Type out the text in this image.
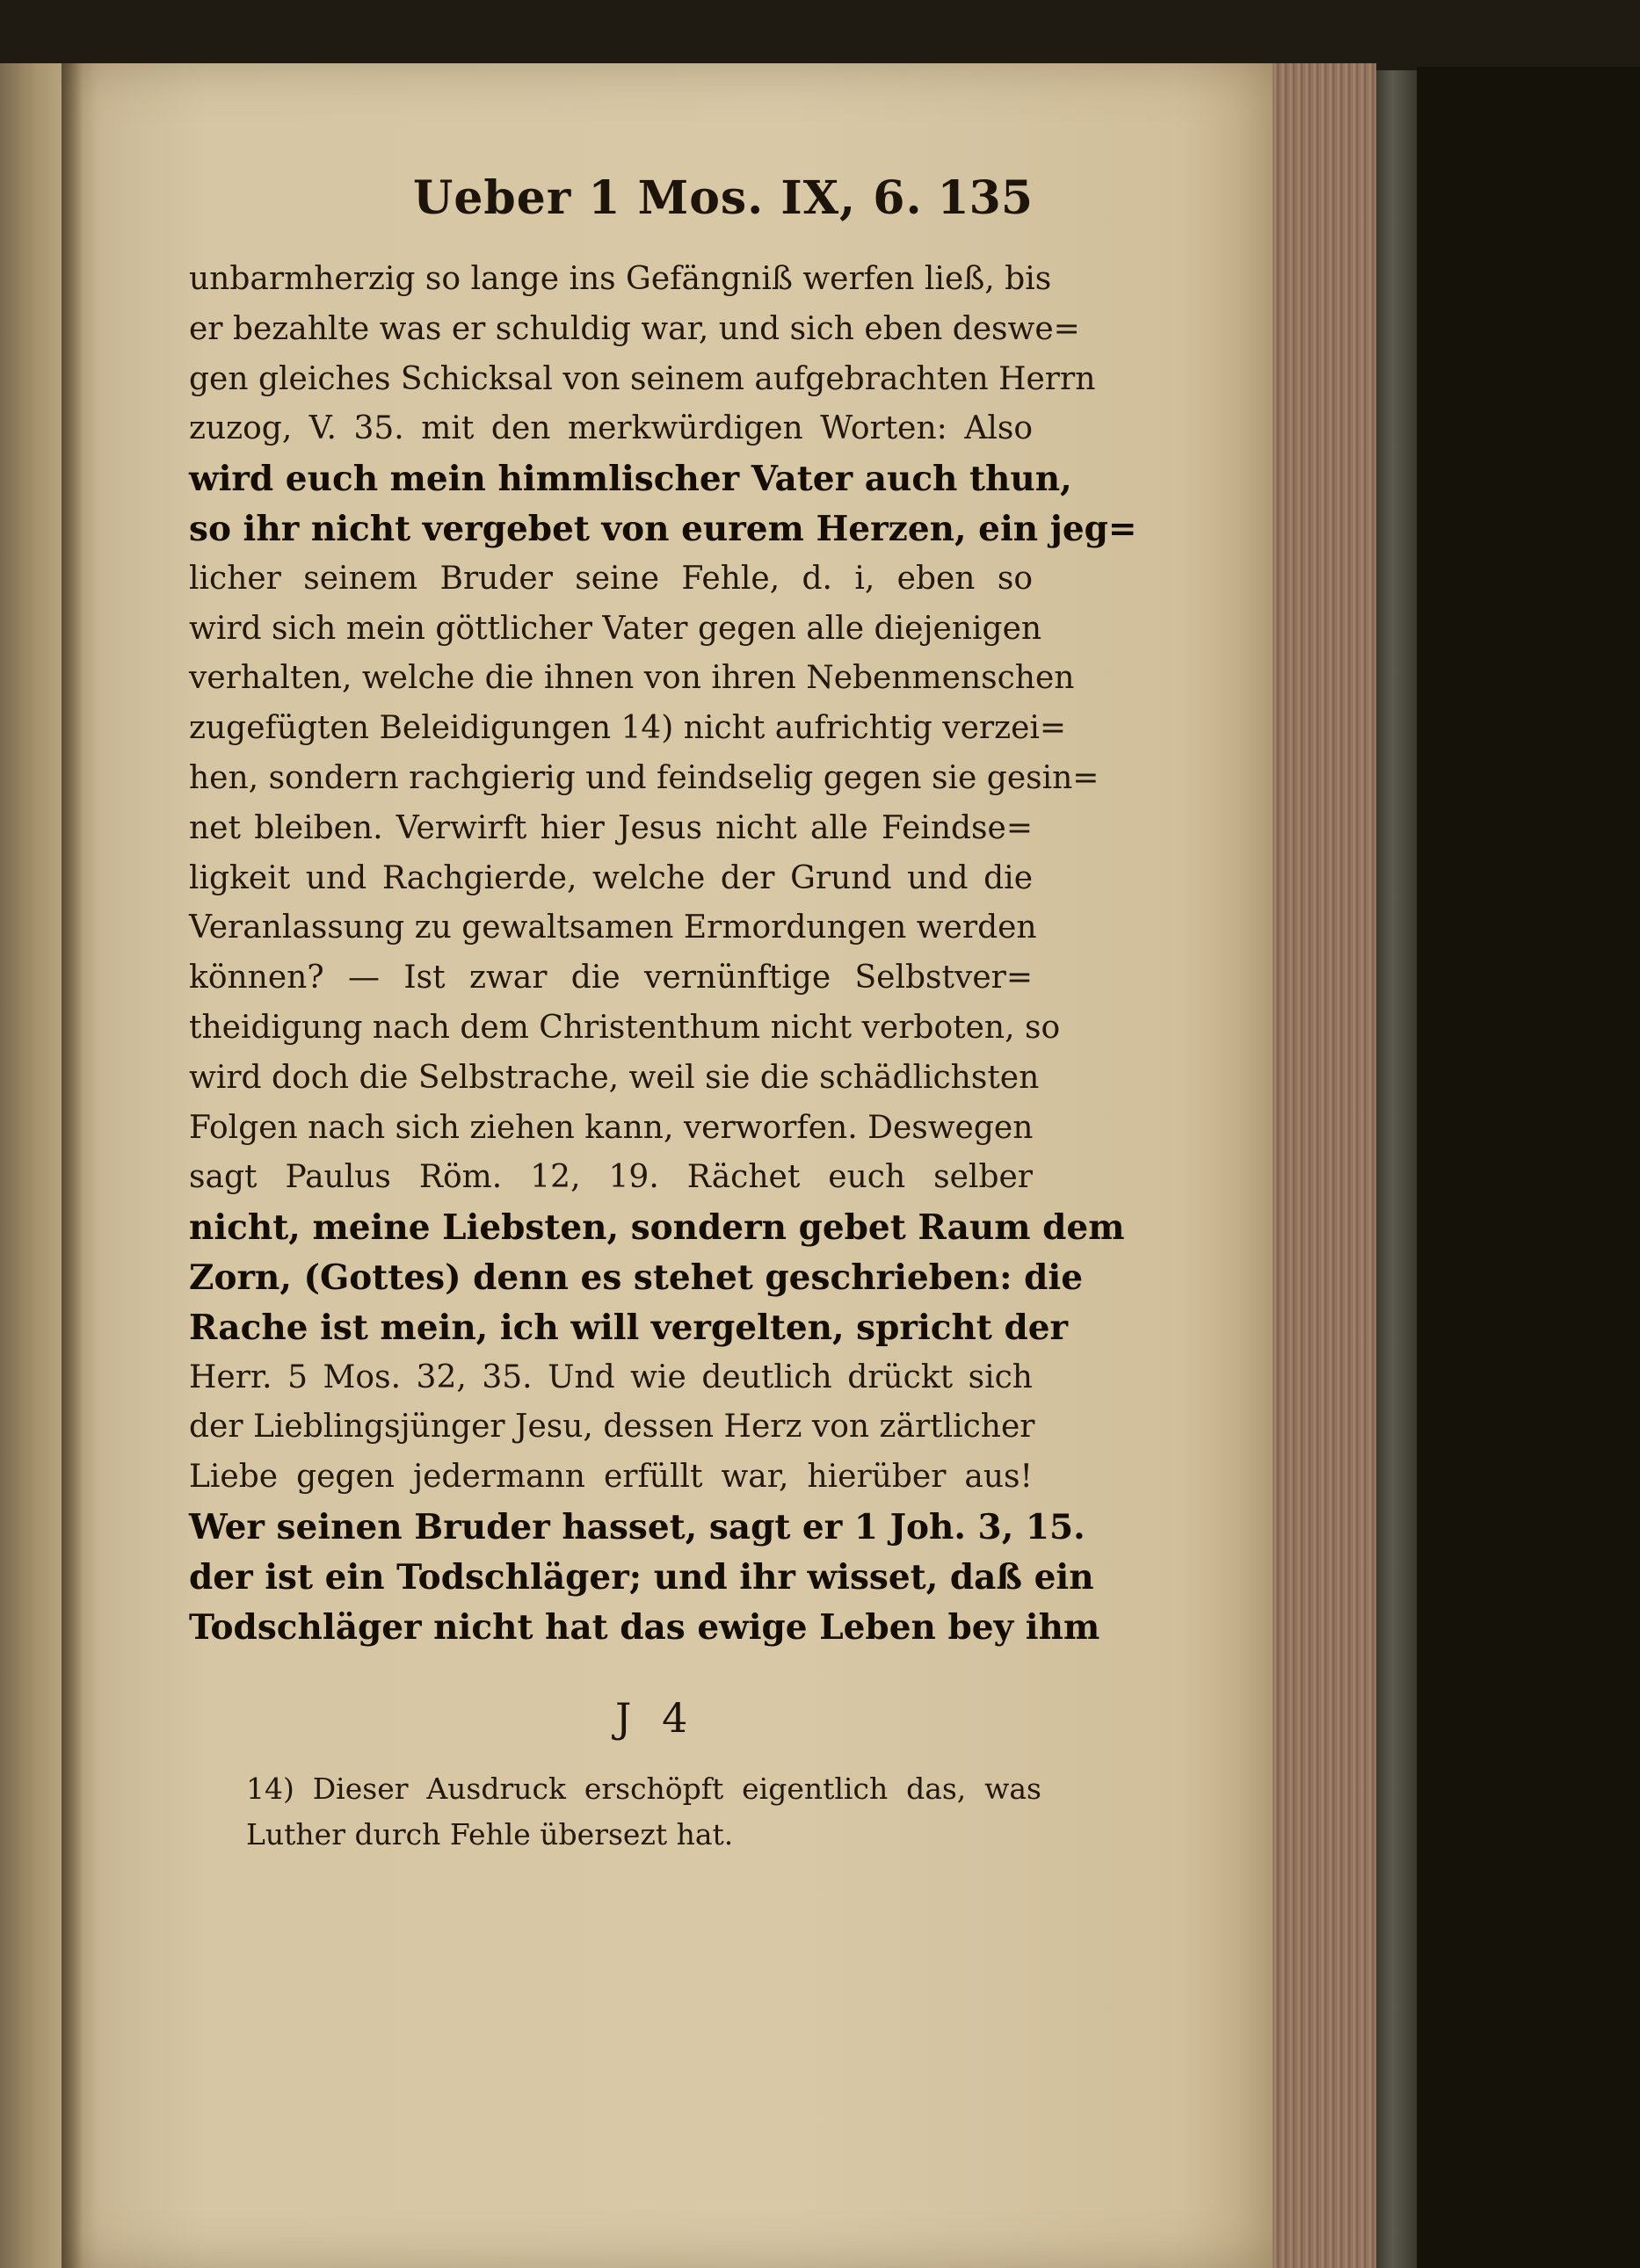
Ueber 1 Mos. IX, 6. 135
unbarmherzig so lange ins Gefängniß werfen ließ, bis
er bezahlte was er schuldig war, und sich eben deswe=
gen gleiches Schicksal von seinem aufgebrachten Herrn
zuzog, V. 35. mit den merkwürdigen Worten: Also
wird euch mein himmlischer Vater auch thun,
so ihr nicht vergebet von eurem Herzen, ein jeg=
licher seinem Bruder seine Fehle, d. i, eben so
wird sich mein göttlicher Vater gegen alle diejenigen
verhalten, welche die ihnen von ihren Nebenmenschen
zugefügten Beleidigungen 14) nicht aufrichtig verzei=
hen, sondern rachgierig und feindselig gegen sie gesin=
net bleiben. Verwirft hier Jesus nicht alle Feindse=
ligkeit und Rachgierde, welche der Grund und die
Veranlassung zu gewaltsamen Ermordungen werden
können? — Ist zwar die vernünftige Selbstver=
theidigung nach dem Christenthum nicht verboten, so
wird doch die Selbstrache, weil sie die schädlichsten
Folgen nach sich ziehen kann, verworfen. Deswegen
sagt Paulus Röm. 12, 19. Rächet euch selber
nicht, meine Liebsten, sondern gebet Raum dem
Zorn, (Gottes) denn es stehet geschrieben: die
Rache ist mein, ich will vergelten, spricht der
Herr. 5 Mos. 32, 35. Und wie deutlich drückt sich
der Lieblingsjünger Jesu, dessen Herz von zärtlicher
Liebe gegen jedermann erfüllt war, hierüber aus!
Wer seinen Bruder hasset, sagt er 1 Joh. 3, 15.
der ist ein Todschläger; und ihr wisset, daß ein
Todschläger nicht hat das ewige Leben bey ihm
J 4
14) Dieser Ausdruck erschöpft eigentlich das, was
Luther durch Fehle übersezt hat.
